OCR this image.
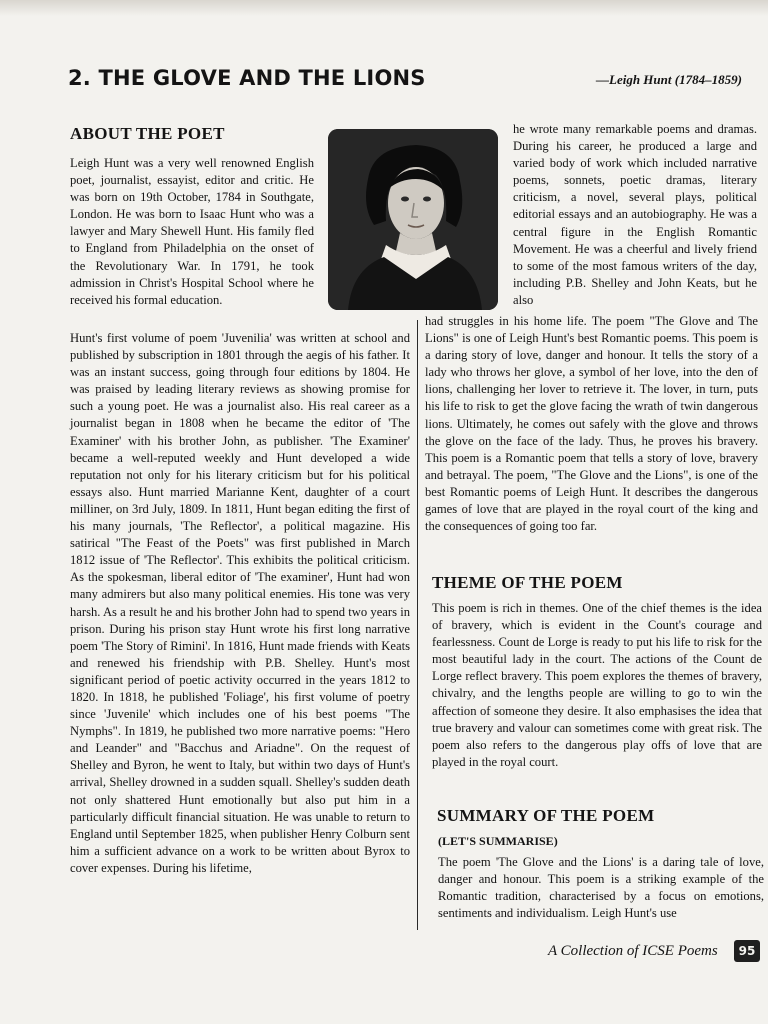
2. THE GLOVE AND THE LIONS	—Leigh Hunt (1784–1859)
ABOUT THE POET

Leigh Hunt was a very well renowned English poet, journalist, essayist, editor and critic. He was born on 19th October, 1784 in Southgate, London. He was born to Isaac Hunt who was a lawyer and Mary Shewell Hunt. His family fled to England from Philadelphia on the onset of the Revolutionary War. In 1791, he took admission in Christ's Hospital School where he received his formal education.

Hunt's first volume of poem 'Juvenilia' was written at school and published by subscription in 1801 through the aegis of his father. It was an instant success, going through four editions by 1804. He was praised by leading literary reviews as showing promise for such a young poet. He was a journalist also. His real career as a journalist began in 1808 when he became the editor of 'The Examiner' with his brother John, as publisher. 'The Examiner' became a well-reputed weekly and Hunt developed a wide reputation not only for his literary criticism but for his political essays also. Hunt married Marianne Kent, daughter of a court milliner, on 3rd July, 1809. In 1811, Hunt began editing the first of his many journals, 'The Reflector', a political magazine. His satirical "The Feast of the Poets" was first published in March 1812 issue of 'The Reflector'. This exhibits the political criticism. As the spokesman, liberal editor of 'The examiner', Hunt had won many admirers but also many political enemies. His tone was very harsh. As a result he and his brother John had to spend two years in prison. During his prison stay Hunt wrote his first long narrative poem 'The Story of Rimini'. In 1816, Hunt made friends with Keats and renewed his friendship with P.B. Shelley. Hunt's most significant period of poetic activity occurred in the years 1812 to 1820. In 1818, he published 'Foliage', his first volume of poetry since 'Juvenile' which includes one of his best poems "The Nymphs". In 1819, he published two more narrative poems: "Hero and Leander" and "Bacchus and Ariadne". On the request of Shelley and Byron, he went to Italy, but within two days of Hunt's arrival, Shelley drowned in a sudden squall. Shelley's sudden death not only shattered Hunt emotionally but also put him in a particularly difficult financial situation. He was unable to return to England until September 1825, when publisher Henry Colburn sent him a sufficient advance on a work to be written about Byrox to cover expenses. During his lifetime,

he wrote many remarkable poems and dramas. During his career, he produced a large and varied body of work which included narrative poems, sonnets, poetic dramas, literary criticism, a novel, several plays, political editorial essays and an autobiography. He was a central figure in the English Romantic Movement. He was a cheerful and lively friend to some of the most famous writers of the day, including P.B. Shelley and John Keats, but he also

had struggles in his home life. The poem "The Glove and The Lions" is one of Leigh Hunt's best Romantic poems. This poem is a daring story of love, danger and honour. It tells the story of a lady who throws her glove, a symbol of her love, into the den of lions, challenging her lover to retrieve it. The lover, in turn, puts his life to risk to get the glove facing the wrath of twin dangerous lions. Ultimately, he comes out safely with the glove and throws the glove on the face of the lady. Thus, he proves his bravery. This poem is a Romantic poem that tells a story of love, bravery and betrayal. The poem, "The Glove and the Lions", is one of the best Romantic poems of Leigh Hunt. It describes the dangerous games of love that are played in the royal court of the king and the consequences of going too far.

THEME OF THE POEM

This poem is rich in themes. One of the chief themes is the idea of bravery, which is evident in the Count's courage and fearlessness. Count de Lorge is ready to put his life to risk for the most beautiful lady in the court. The actions of the Count de Lorge reflect bravery. This poem explores the themes of bravery, chivalry, and the lengths people are willing to go to win the affection of someone they desire. It also emphasises the idea that true bravery and valour can sometimes come with great risk. The poem also refers to the dangerous play offs of love that are played in the royal court.

SUMMARY OF THE POEM
(LET'S SUMMARISE)

The poem 'The Glove and the Lions' is a daring tale of love, danger and honour. This poem is a striking example of the Romantic tradition, characterised by a focus on emotions, sentiments and individualism. Leigh Hunt's use

A Collection of ICSE Poems	95
